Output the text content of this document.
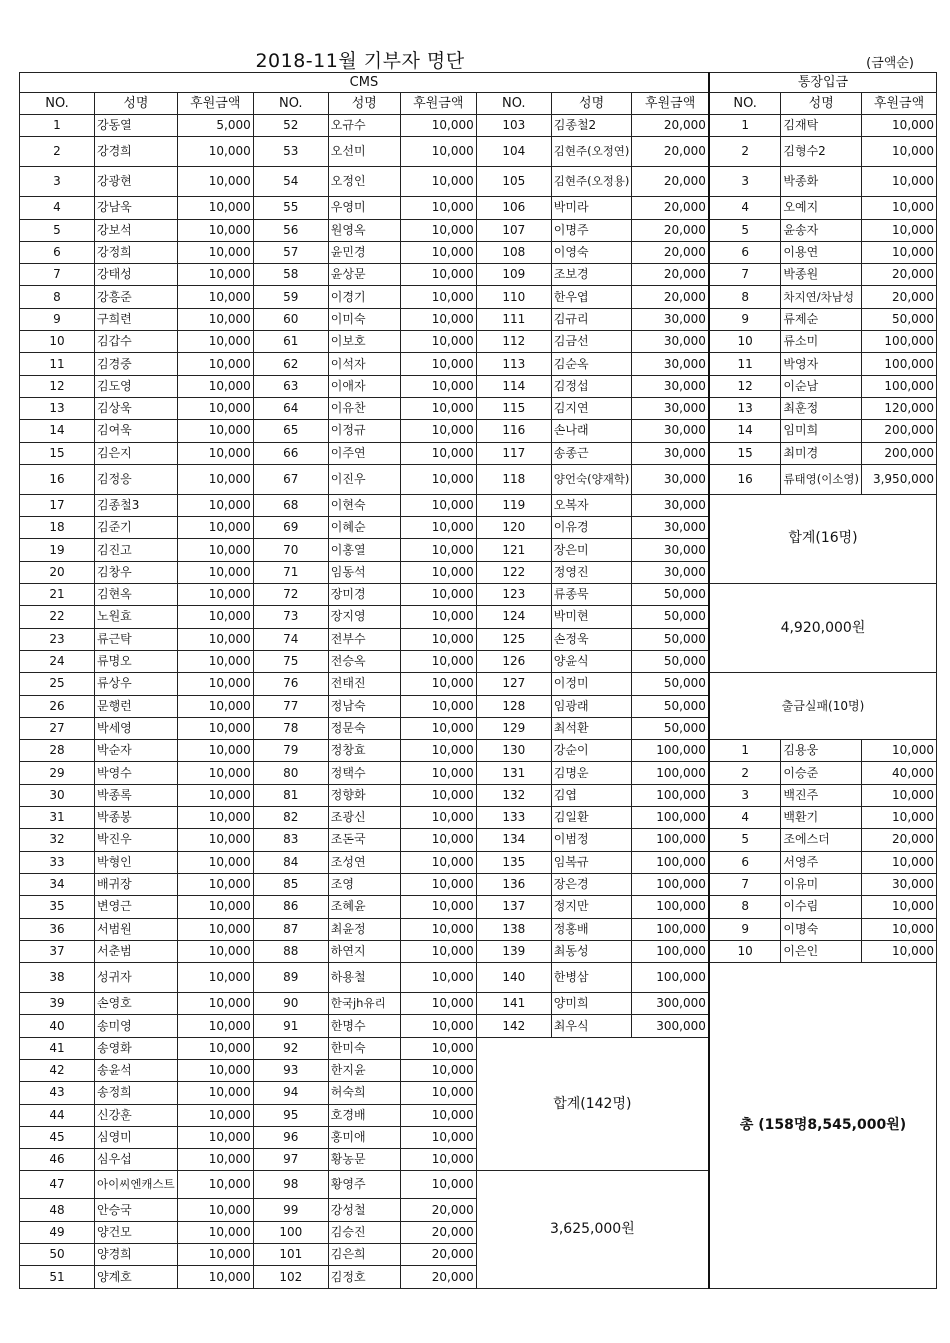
2018-11월 기부자 명단	(금액순)
CMS									통장입금		
NO.	성명	후원금액	NO.	성명	후원금액	NO.	성명	후원금액	NO.	성명	후원금액
1	강동열	5,000	52	오규수	10,000	103	김종철2	20,000	1	김재탁	10,000
2	강경희	10,000	53	오선미	10,000	104	김현주(오정연)	20,000	2	김형수2	10,000
3	강광현	10,000	54	오정인	10,000	105	김현주(오정용)	20,000	3	박종화	10,000
4	강남욱	10,000	55	우영미	10,000	106	박미라	20,000	4	오예지	10,000
5	강보석	10,000	56	원영옥	10,000	107	이명주	20,000	5	윤송자	10,000
6	강정희	10,000	57	윤민경	10,000	108	이영숙	20,000	6	이용연	10,000
7	강태성	10,000	58	윤상문	10,000	109	조보경	20,000	7	박종원	20,000
8	강흥준	10,000	59	이경기	10,000	110	한우엽	20,000	8	차지연/차남성	20,000
9	구희련	10,000	60	이미숙	10,000	111	김규리	30,000	9	류제순	50,000
10	김갑수	10,000	61	이보호	10,000	112	김금선	30,000	10	류소미	100,000
11	김경중	10,000	62	이석자	10,000	113	김순옥	30,000	11	박영자	100,000
12	김도영	10,000	63	이애자	10,000	114	김정섭	30,000	12	이순남	100,000
13	김상욱	10,000	64	이유찬	10,000	115	김지연	30,000	13	최훈정	120,000
14	김여욱	10,000	65	이정규	10,000	116	손나래	30,000	14	임미희	200,000
15	김은지	10,000	66	이주연	10,000	117	송종근	30,000	15	최미경	200,000
16	김정응	10,000	67	이진우	10,000	118	양언숙(양재학)	30,000	16	류태영(이소영)	3,950,000
17	김종철3	10,000	68	이현숙	10,000	119	오복자	30,000	합계(16명)		
18	김준기	10,000	69	이혜순	10,000	120	이유경	30,000			
19	김진고	10,000	70	이홍열	10,000	121	장은미	30,000			
20	김창우	10,000	71	임동석	10,000	122	정영진	30,000			
21	김현옥	10,000	72	장미경	10,000	123	류종묵	50,000	4,920,000원		
22	노원효	10,000	73	장지영	10,000	124	박미현	50,000			
23	류근탁	10,000	74	전부수	10,000	125	손정욱	50,000			
24	류명오	10,000	75	전승옥	10,000	126	양윤식	50,000			
25	류상우	10,000	76	전태진	10,000	127	이정미	50,000	출금실패(10명)		
26	문행런	10,000	77	정남숙	10,000	128	임광래	50,000			
27	박세영	10,000	78	정문숙	10,000	129	최석환	50,000			
28	박순자	10,000	79	정창효	10,000	130	강순이	100,000	1	김용웅	10,000
29	박영수	10,000	80	정택수	10,000	131	김명운	100,000	2	이승준	40,000
30	박종록	10,000	81	정향화	10,000	132	김엽	100,000	3	백진주	10,000
31	박종봉	10,000	82	조광신	10,000	133	김일환	100,000	4	백환기	10,000
32	박진우	10,000	83	조돈국	10,000	134	이범정	100,000	5	조에스더	20,000
33	박형인	10,000	84	조성연	10,000	135	임복규	100,000	6	서영주	10,000
34	배귀장	10,000	85	조영	10,000	136	장은경	100,000	7	이유미	30,000
35	변영근	10,000	86	조혜윤	10,000	137	정지만	100,000	8	이수림	10,000
36	서범원	10,000	87	최윤정	10,000	138	정홍배	100,000	9	이명숙	10,000
37	서춘범	10,000	88	하연지	10,000	139	최동성	100,000	10	이은인	10,000
38	성귀자	10,000	89	하용철	10,000	140	한병삼	100,000	총 (158명8,545,000원)		
39	손영호	10,000	90	한국jh유리	10,000	141	양미희	300,000			
40	송미영	10,000	91	한명수	10,000	142	최우식	300,000			
41	송영화	10,000	92	한미숙	10,000	합계(142명)					
42	송윤석	10,000	93	한지윤	10,000						
43	송정희	10,000	94	허숙희	10,000						
44	신강훈	10,000	95	호경배	10,000						
45	심영미	10,000	96	홍미애	10,000						
46	심우섭	10,000	97	황농문	10,000						
47	아이씨엔캐스트	10,000	98	황영주	10,000	3,625,000원					
48	안승국	10,000	99	강성철	20,000						
49	양건모	10,000	100	김승진	20,000						
50	양경희	10,000	101	김은희	20,000						
51	양계호	10,000	102	김정호	20,000						
